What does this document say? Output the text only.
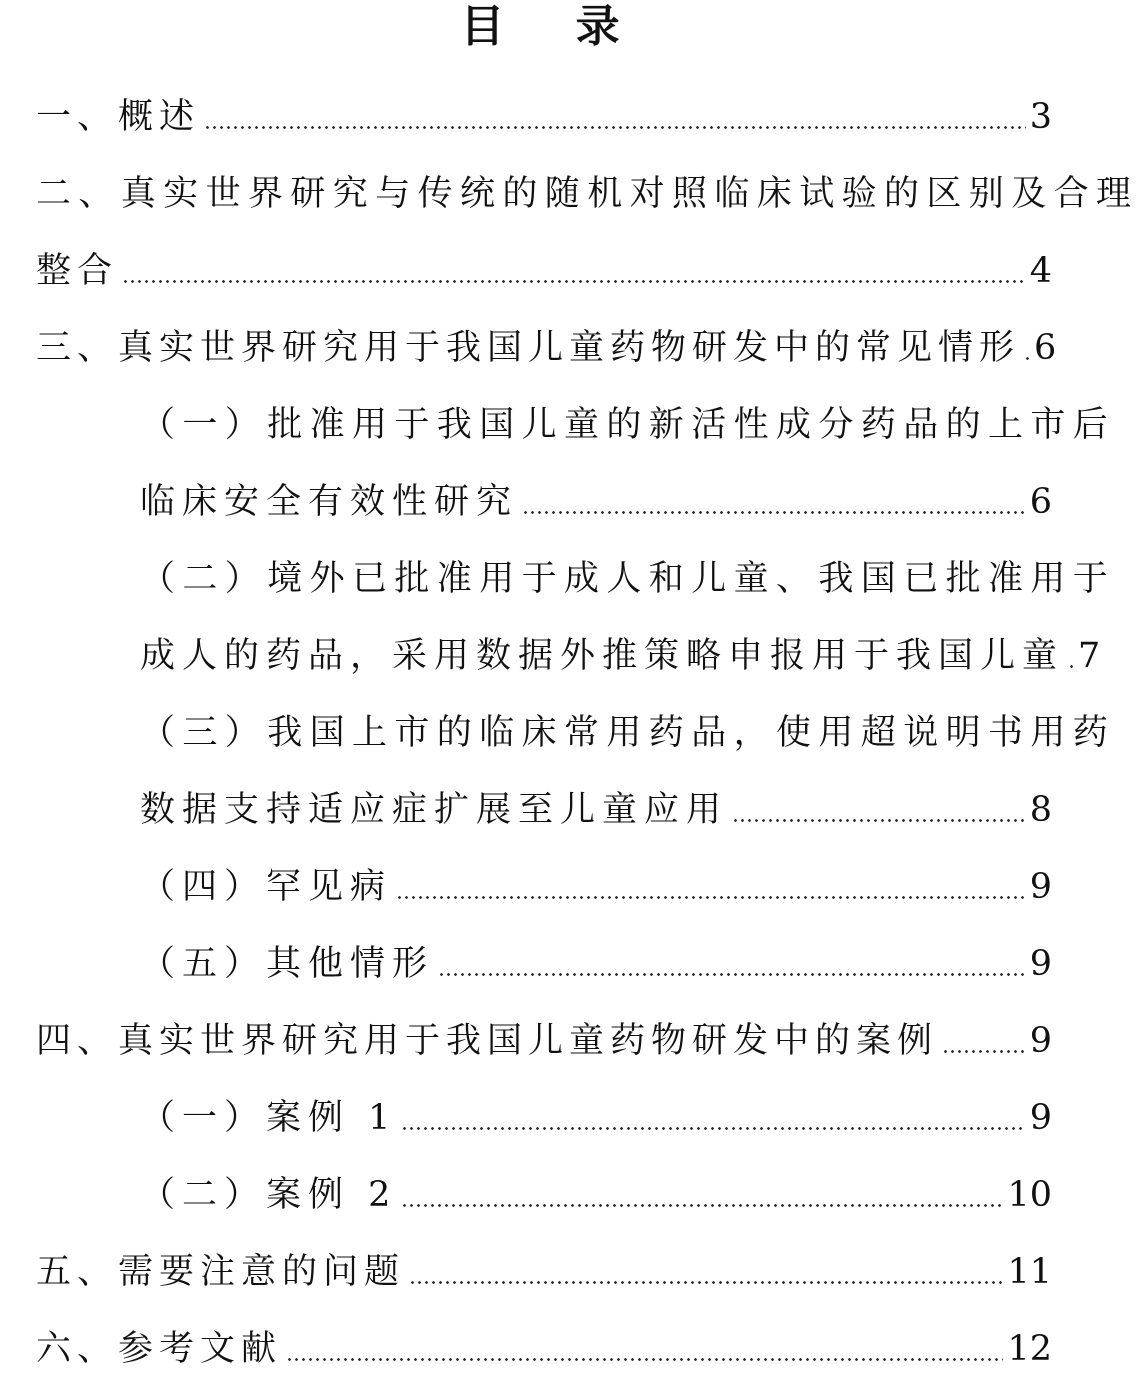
目 录
一、概述	3
二、真实世界研究与传统的随机对照临床试验的区别及合理
整合	4
三、真实世界研究用于我国儿童药物研发中的常见情形 6
（一）批准用于我国儿童的新活性成分药品的上市后
临床安全有效性研究	6
（二）境外已批准用于成人和儿童、我国已批准用于
成人的药品，采用数据外推策略申报用于我国儿童 7
（三）我国上市的临床常用药品，使用超说明书用药
数据支持适应症扩展至儿童应用	8
（四）罕见病	9
（五）其他情形	9
四、真实世界研究用于我国儿童药物研发中的案例	9
（一）案例 1	9
（二）案例 2	10
五、需要注意的问题	11
六、参考文献	12
